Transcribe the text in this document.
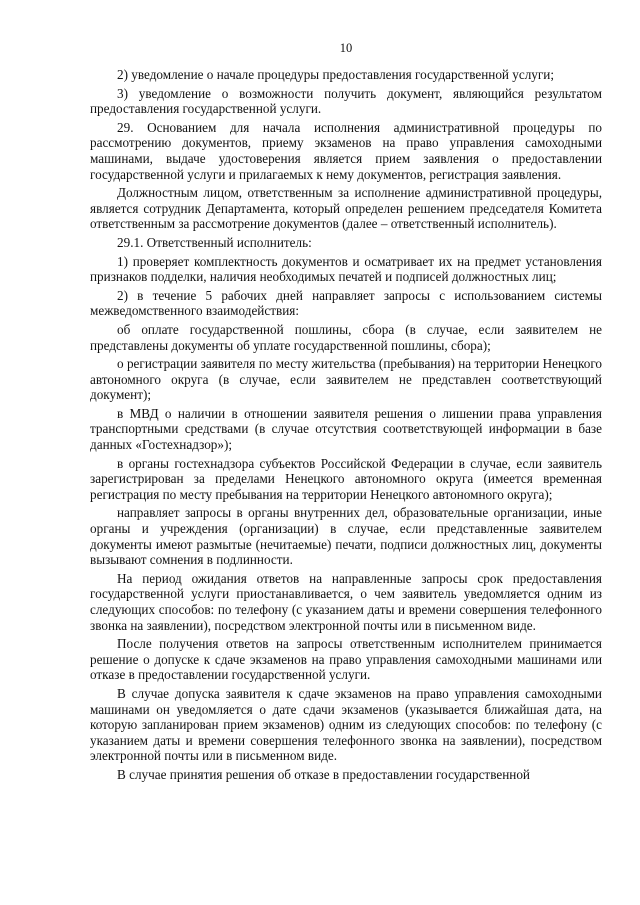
10

2) уведомление о начале процедуры предоставления государственной услуги;

3) уведомление о возможности получить документ, являющийся результатом предоставления государственной услуги.

29. Основанием для начала исполнения административной процедуры по рассмотрению документов, приему экзаменов на право управления самоходными машинами, выдаче удостоверения является прием заявления о предоставлении государственной услуги и прилагаемых к нему документов, регистрация заявления.

Должностным лицом, ответственным за исполнение административной процедуры, является сотрудник Департамента, который определен решением председателя Комитета ответственным за рассмотрение документов (далее – ответственный исполнитель).

29.1. Ответственный исполнитель:

1) проверяет комплектность документов и осматривает их на предмет установления признаков подделки, наличия необходимых печатей и подписей должностных лиц;

2) в течение 5 рабочих дней направляет запросы с использованием системы межведомственного взаимодействия:

об оплате государственной пошлины, сбора (в случае, если заявителем не представлены документы об уплате государственной пошлины, сбора);

о регистрации заявителя по месту жительства (пребывания) на территории Ненецкого автономного округа (в случае, если заявителем не представлен соответствующий документ);

в МВД о наличии в отношении заявителя решения о лишении права управления транспортными средствами (в случае отсутствия соответствующей информации в базе данных «Гостехнадзор»);

в органы гостехнадзора субъектов Российской Федерации в случае, если заявитель зарегистрирован за пределами Ненецкого автономного округа (имеется временная регистрация по месту пребывания на территории Ненецкого автономного округа);

направляет запросы в органы внутренних дел, образовательные организации, иные органы и учреждения (организации) в случае, если представленные заявителем документы имеют размытые (нечитаемые) печати, подписи должностных лиц, документы вызывают сомнения в подлинности.

На период ожидания ответов на направленные запросы срок предоставления государственной услуги приостанавливается, о чем заявитель уведомляется одним из следующих способов: по телефону (с указанием даты и времени совершения телефонного звонка на заявлении), посредством электронной почты или в письменном виде.

После получения ответов на запросы ответственным исполнителем принимается решение о допуске к сдаче экзаменов на право управления самоходными машинами или отказе в предоставлении государственной услуги.

В случае допуска заявителя к сдаче экзаменов на право управления самоходными машинами он уведомляется о дате сдачи экзаменов (указывается ближайшая дата, на которую запланирован прием экзаменов) одним из следующих способов: по телефону (с указанием даты и времени совершения телефонного звонка на заявлении), посредством электронной почты или в письменном виде.

В случае принятия решения об отказе в предоставлении государственной
